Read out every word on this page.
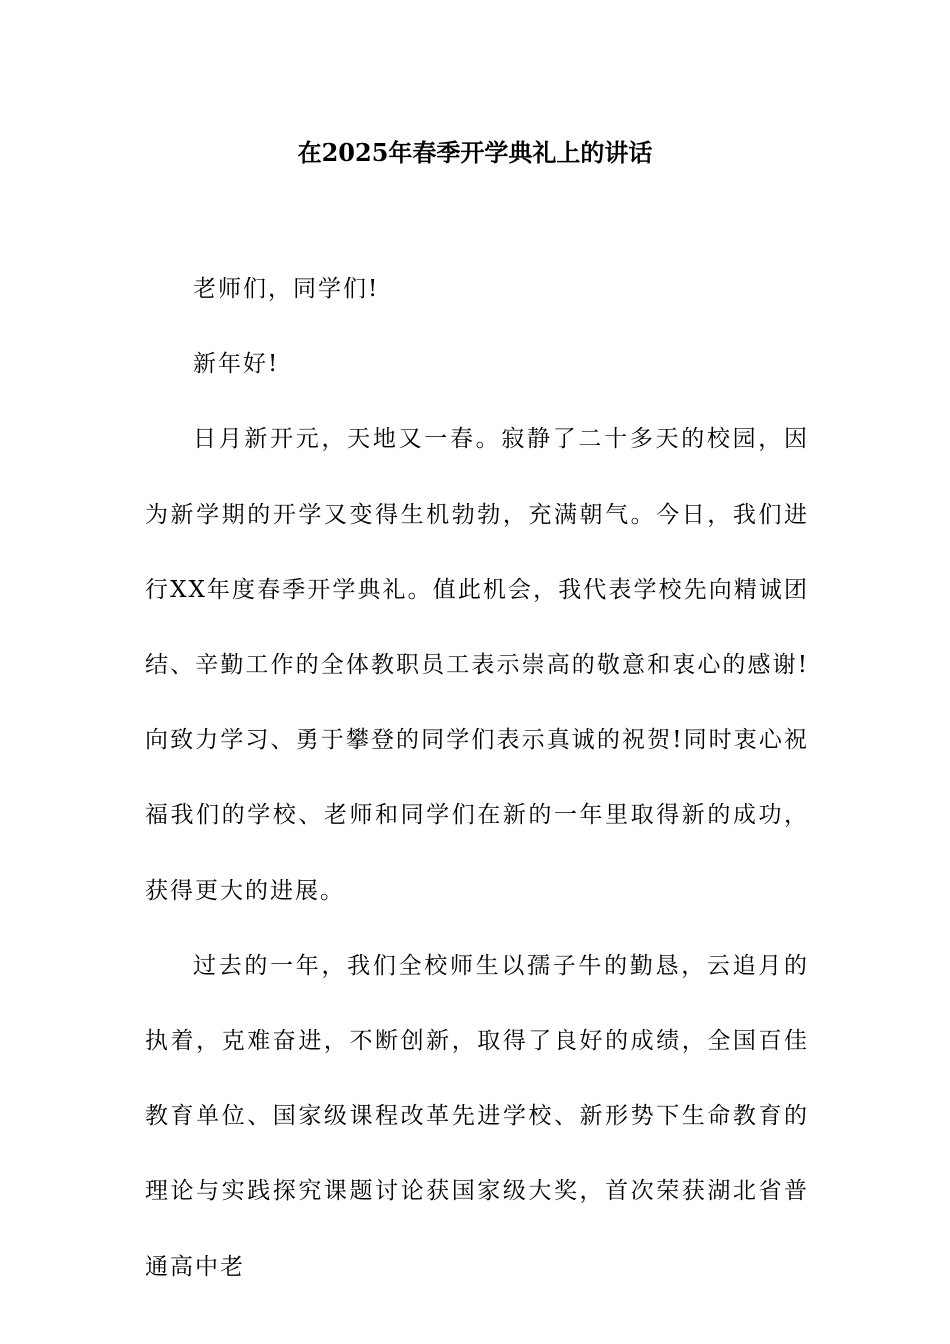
在2025年春季开学典礼上的讲话

老师们，同学们!

新年好!

日月新开元，天地又一春。寂静了二十多天的校园，因为新学期的开学又变得生机勃勃，充满朝气。今日，我们进行XX年度春季开学典礼。值此机会，我代表学校先向精诚团结、辛勤工作的全体教职员工表示崇高的敬意和衷心的感谢!向致力学习、勇于攀登的同学们表示真诚的祝贺!同时衷心祝福我们的学校、老师和同学们在新的一年里取得新的成功，获得更大的进展。

过去的一年，我们全校师生以孺子牛的勤恳，云追月的执着，克难奋进，不断创新，取得了良好的成绩，全国百佳教育单位、国家级课程改革先进学校、新形势下生命教育的理论与实践探究课题讨论获国家级大奖，首次荣获湖北省普通高中老
